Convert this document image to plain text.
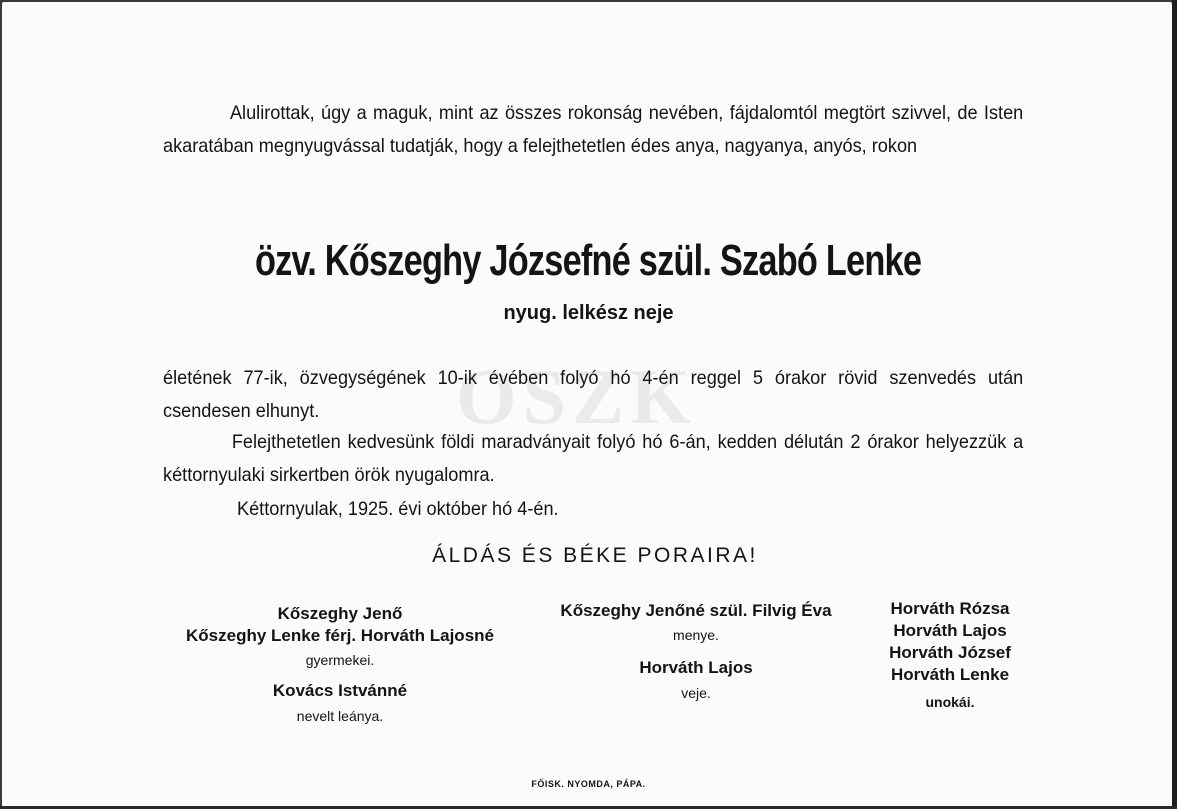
OSZK
Alulirottak, úgy a maguk, mint az összes rokonság nevében, fájdalomtól megtört szivvel, de Isten akaratában megnyugvással tudatják, hogy a felejthetetlen édes anya, nagyanya, anyós, rokon
özv. Kőszeghy Józsefné szül. Szabó Lenke
nyug. lelkész neje
életének 77-ik, özvegységének 10-ik évében folyó hó 4-én reggel 5 órakor rövid szenvedés után csendesen elhunyt.
Felejthetetlen kedvesünk földi maradványait folyó hó 6-án, kedden délután 2 órakor helyezzük a kéttornyulaki sirkertben örök nyugalomra.
Kéttornyulak, 1925. évi október hó 4-én.
ÁLDÁS ÉS BÉKE PORAIRA!
Kőszeghy Jenő
Kőszeghy Lenke férj. Horváth Lajosné
gyermekei.
Kovács Istvánné
nevelt leánya.
Kőszeghy Jenőné szül. Filvig Éva
menye.
Horváth Lajos
veje.
Horváth Rózsa
Horváth Lajos
Horváth József
Horváth Lenke
unokái.
FŐISK. NYOMDA, PÁPA.
